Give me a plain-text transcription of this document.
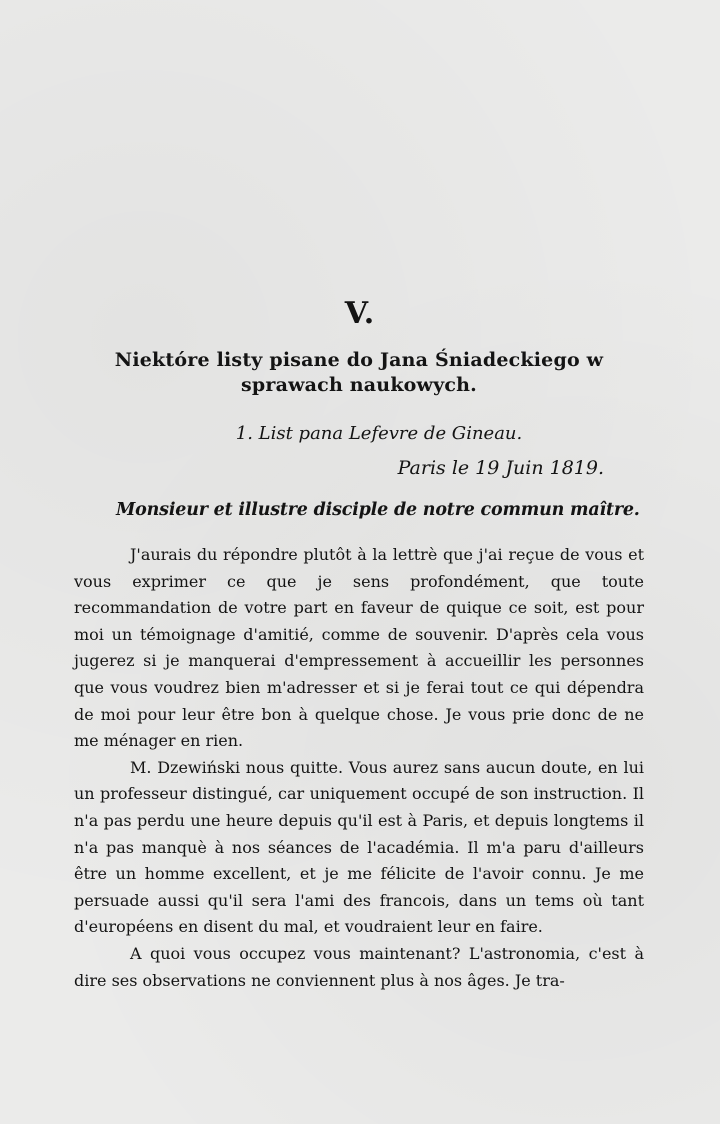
V.
Niektóre listy pisane do Jana Śniadeckiego w sprawach naukowych.
1. List pana Lefevre de Gineau.
Paris le 19 Juin 1819.
Monsieur et illustre disciple de notre commun maître.

J'aurais du répondre plutôt à la lettrè que j'ai reçue de vous et vous exprimer ce que je sens profondément, que toute recommandation de votre part en faveur de quique ce soit, est pour moi un témoignage d'amitié, comme de souvenir. D'après cela vous jugerez si je manquerai d'empressement à accueillir les personnes que vous voudrez bien m'adresser et si je ferai tout ce qui dépendra de moi pour leur être bon à quelque chose. Je vous prie donc de ne me ménager en rien.

M. Dzewiński nous quitte. Vous aurez sans aucun doute, en lui un professeur distingué, car uniquement occupé de son instruction. Il n'a pas perdu une heure depuis qu'il est à Paris, et depuis longtems il n'a pas manquè à nos séances de l'académia. Il m'a paru d'ailleurs être un homme excellent, et je me félicite de l'avoir connu. Je me persuade aussi qu'il sera l'ami des francois, dans un tems où tant d'européens en disent du mal, et voudraient leur en faire.

A quoi vous occupez vous maintenant? L'astronomia, c'est à dire ses observations ne conviennent plus à nos âges. Je tra-
